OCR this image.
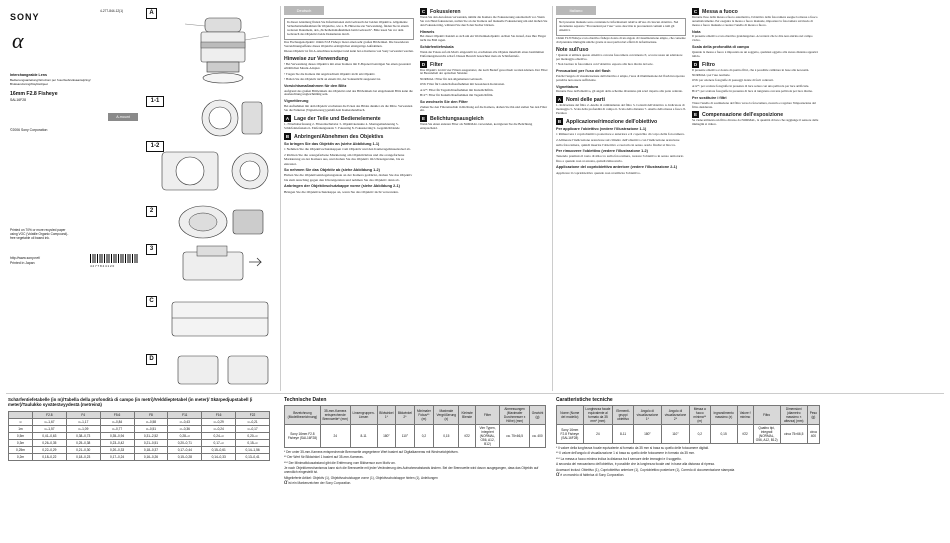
SONY
α
4-277-844-12(1)
Interchangeable Lens
Bedienungsanleitung/Istruzioni per l'uso/Gebruiksaanwijzing/
Bruksanvisning/Käyttöohjeet
16mm F2.8 Fisheye
SAL16F28
A-mount
©2006 Sony Corporation
Printed on 70% or more recycled paper
using VOC (Volatile Organic Compound)-
free vegetable oil based ink.
http://www.sony.net/
Printed in Japan
4 2 7 7 8 4 4 1 2 0
A
1-1
1-2
2
3
C
D
Deutsch

In dieser Anleitung finden Sie Informationen zum Gebrauch der beiden Objektive. Allgemeine Sicherheitsmaßnahmen für Objektive, wie z. B. Hinweise zur Verwendung, finden Sie in einem weiteren Dokument, den „Sicherheitsmaßnahmen beim Gebrauch". Bitte lesen Sie vor dem Gebrauch des Objektivs beide Dokumente durch.

Das Fischaugenobjektiv 16mm F2.8 Fisheye bietet einen sehr großen Bildwinkel. Die besonderen Verzeichnungseffekte dieses Objektivs ermöglichen einzigartige Aufnahmen.

Dieses Objektiv ist für A-Anschluss konzipiert und kann bei α-Kameras von Sony verwendet werden.

Hinweise zur Verwendung

• Bei Verwendung dieses Objektivs mit einer Kamera mit E-Bajonett benötigen Sie einen gesondert erhältlichen Mount-Adapter.

• Tragen Sie die Kamera mit angebrachtem Objektiv nicht am Objektiv.

• Halten Sie das Objektiv nicht an einem Ort, der Sonnenlicht ausgesetzt ist.

Vorsichtsmaßnahmen für den Blitz

Aufgrund des großen Bildwinkels des Objektivs und des Bildwinkels bei eingebautem Blitz kann die Ausleuchtung ungleichmäßig sein.

Vignettierung

Bei Aufnahmen mit dem Objektiv erscheinen die Ecken des Bildes dunkler als die Mitte. Verwenden Sie die Funktion [Vignettierung] gemäß dem Kamerahandbuch.

A Lage der Teile und Bedienelemente

1- Filterhalterfassung 2- Filtereinschubslot 3- Objektivkontakte 4- Montagemarkierung 5- Schärfentiefeskala 6- Entfernungsskala 7- Fokusring 8- Fokussierring 9- Gegenlichtblende

B Anbringen/Abnehmen des Objektivs
So bringen Sie das Objektiv an (siehe Abbildung 1-1)

1 Nehmen Sie die Objektivschutzkappen vom Objektiv und den Kameragehäusedeckel ab.

2 Richten Sie die orangefarbene Markierung am Objektivtubus und die orangefarbene Markierung an der Kamera aus, und drehen Sie das Objektiv im Uhrzeigersinn, bis es einrastet.

So nehmen Sie das Objektiv ab (siehe Abbildung 1-2)

Halten Sie die Objektiventriegelungstaste an der Kamera gedrückt, drehen Sie das Objektiv bis zum Anschlag gegen den Uhrzeigersinn und nehmen Sie das Objektiv dann ab.

Anbringen der Objektivschutzkappe vorne (siehe Abbildung 2-1)

Bringen Sie die Objektivschutzkappe an, wenn Sie das Objektiv nicht verwenden.

C Fokussieren

Wenn Sie den Autofokus verwenden, nimmt die Kamera die Fokussierung automatisch vor. Wenn Sie von Hand fokussieren, stellen Sie an der Kamera auf manuelle Fokussierung um und drehen Sie den Fokussierring, während Sie durch den Sucher blicken.

Hinweis

Bei dieser Objektiv handelt es sich um ein Weitwinkelobjektiv. Achten Sie darauf, dass Ihre Finger nicht ins Bild ragen.

Schärfentiefeskala

Wenn der Fokus auf ein Motiv eingestellt ist, erscheinen alle Objekte innerhalb eines bestimmten Entfernungsbereichs scharf. Diesen Bereich bezeichnet man als Schärfentiefe.

D Filter

Das Objektiv ist mit vier Filtern ausgestattet, die nach Bedarf gewechselt werden können. Der Filter ist Bestandteil der optischen Struktur.

NORMAL: Filter für den allgemeinen Gebrauch.

O56: Filter für Landschaftsaufnahmen mit besonderen Kontrasten.

A12*: Filter für Tageslichtaufnahmen mit Kunstlichtfilm.

B12*: Filter für Kunstlichtaufnahmen mit Tageslichtfilm.

So wechseln Sie den Filter

Ziehen Sie den Filtereinschub in Richtung auf die Kamera, drehen Sie ihn und stellen Sie den Filter ein.

E Belichtungsausgleich

Wenn Sie einen anderen Filter als NORMAL verwenden, korrigieren Sie die Belichtung entsprechend.

Italiano

Nel presente manuale sono contenute le informazioni relative all'uso di ciascun obiettivo. Nel documento separato "Precauzioni per l'uso" sono descritte le precauzioni comuni a tutti gli obiettivi.

16mm F2.8 Fisheye è un obiettivo fisheye dotato di un angolo di visualizzazione ampio, che consente di riprendere immagini uniche grazie ai suoi particolari effetti di deformazione.

Note sull'uso

• Quando si utilizza questo obiettivo con una fotocamera con innesto E, occorre usare un adattatore per montaggio obiettivo.

• Non lasciare la fotocamera con l'obiettivo esposto alla luce diretta del sole.

Precauzioni per l'uso del flash

Poiché l'angolo di visualizzazione dell'obiettivo è ampio, l'area di illuminazione del flash incorporato potrebbe non essere sufficiente.

Vignettatura

Durante l'uso dell'obiettivo, gli angoli dello schermo diventano più scuri rispetto alla parte centrale.

A Nomi delle parti

1- Indicazione del filtro 2- Anello di cambiamento del filtro 3- Contatti dell'obiettivo 4- Indicatore di montaggio 5- Scala della profondità di campo 6- Scala della distanza 7- Anello della messa a fuoco 8- Paraluce

B Applicazione/rimozione dell'obiettivo
Per applicare l'obiettivo (vedere l'illustrazione 1-1)

1 Rimuovere i copriobiettivo posteriore e anteriore e il coperchio di corpo della fotocamera.

2 Allineare l'indicazione arancione sul cilindro dell'obiettivo con l'indicazione arancione sulla fotocamera, quindi inserire l'obiettivo e ruotarlo in senso orario finché si blocca.

Per rimuovere l'obiettivo (vedere l'illustrazione 1-2)

Tenendo premuto il tasto di sblocco sulla fotocamera, ruotare l'obiettivo in senso antiorario fino a quando non si arresta, quindi rimuoverlo.

Applicazione del copriobiettivo anteriore (vedere l'illustrazione 2-1)

Applicare il copriobiettivo quando non si utilizza l'obiettivo.

C Messa a fuoco

Durante l'uso della messa a fuoco automatica, l'obiettivo della fotocamera esegue la messa a fuoco automaticamente. Per eseguire la messa a fuoco manuale, impostare la fotocamera sul modo di messa a fuoco manuale e ruotare l'anello di messa a fuoco.

Nota

Il presente obiettivo è un obiettivo grandangolare. Accertarsi che le dita non entrino nel campo visivo.

Scala della profondità di campo

Quando la messa a fuoco è impostata su un soggetto, qualsiasi oggetto alla stessa distanza apparirà nitido.

D Filtro

Il presente obiettivo è dotato di quattro filtri, che è possibile cambiare in base alle necessità.

NORMAL: per l'uso normale.

O56: per ottenere fotografie di paesaggi dotate di forti contrasti.

A12*: per scattare fotografie in presenza di luce solare con una pellicola per luce artificiale.

B12*: per scattare fotografie in presenza di luce al tungsteno con una pellicola per luce diurna.

Per sostituire i filtri

Tirare l'anello di sostituzione del filtro verso la fotocamera, ruotarlo e regolare l'impostazione del filtro desiderata.

E Compensazione dell'esposizione

Se viene utilizzato un filtro diverso da NORMAL, la quantità di luce che raggiunge il sensore delle immagini si riduce.

Schärfentiefetabelle (in m)/Tabella della profondità di campo (in metri)/Velddieptetabel (in meter)/ Skärpedjupstabell (i meter)/Taulukko syväterävyydestä (metreinä)
	F2.8	F4	F5.6	F8	F11	F16	F22
∞	∞–1,67	∞–1,17	∞–0,84	∞–0,58	∞–0,43	∞–0,29	∞–0,21
1m	∞–1,57	∞–1,09	∞–0,77	∞–0,51	∞–0,36	∞–0,24	∞–0,17
0,5m	0,41–0,63	0,38–0,73	0,35–0,94	0,31–2,52	0,28–∞	0,24–∞	0,20–∞
0,3m	0,26–0,35	0,25–0,38	0,23–0,42	0,21–0,51	0,20–0,71	0,17–∞	0,15–∞
0,25m	0,22–0,29	0,21–0,30	0,20–0,33	0,18–0,37	0,17–0,44	0,15–0,61	0,14–1,56
0,2m	0,18–0,22	0,18–0,23	0,17–0,24	0,16–0,26	0,15–0,28	0,14–0,33	0,13–0,41
Technische Daten
Bezeichnung (Modellbezeichnung)	35-mm-Kamera entsprechende Brennweite* (mm)	Linsengruppen-Linsen	Bildwinkel 1*	Bildwinkel 2*	Minimaler Fokus** (m)	Maximale Vergrößerung (x)	Kleinste Blende	Filter	Abmessungen (Maximaler Durchmesser x Höhe) (mm)	Gewicht (g)
Sony 16mm F2.8 Fisheye (SAL16F28)	24	8-11	180°	110°	0,2	0,15	f/22	Vier Typen, integriert (NORMAL, O56, A12, B12)	ca. 75×66,5	ca. 400

* Der unter 35-mm-Kamera entsprechende Brennweite angegebene Wert basiert auf Digitalkameras mit Wechselobjektiven.

** Der Wert für Bildwinkel 1 basiert auf 35-mm-Kameras.

*** Der Minimalfokusabstand gibt die Entfernung vom Bildsensor zum Motiv an.

Je nach Objektivmechanismus kann sich die Brennweite mit jeder Veränderung des Aufnahmeabstands ändern. Bei der Brennweite wird davon ausgegangen, dass das Objektiv auf unendlich eingestellt ist.

Mitgelieferte Artikel: Objektiv (1), Objektivschutzkappe vorne (1), Objektivschutzkappe hinten (1), Anleitungen

α ist ein Markenzeichen der Sony Corporation.

Caratteristiche tecniche
Nome (Nome del modello)	Lunghezza focale equivalente al formato da 35 mm* (mm)	Elementi-gruppi obiettivo	Angolo di visualizzazione 1*	Angolo di visualizzazione 2*	Messa a fuoco minima** (m)	Ingrandimento massimo (x)	Valore f minimo	Filtro	Dimensioni (diametro massimo × altezza) (mm)	Peso (g)
Sony 16mm F2.8 Fisheye (SAL16F28)	24	8-11	180°	110°	0,2	0,15	f/22	Quattro tipi, integrati (NORMAL, O56, A12, B12)	circa 75×66,5	circa 400

* Il valore della lunghezza focale equivalente al formato da 35 mm si basa su quello delle fotocamere digitali.

** Il valore dell'angolo di visualizzazione 1 si basa su quello delle fotocamere in formato da 35 mm.

*** La messa a fuoco minima indica la distanza tra il sensore delle immagini e il soggetto.

A seconda del meccanismo dell'obiettivo, è possibile che la lunghezza focale vari in base alla distanza di ripresa.

Accessori inclusi: Obiettivo (1), Copriobiettivo anteriore (1), Copriobiettivo posteriore (1), Corredo di documentazione stampata

α è un marchio di fabbrica di Sony Corporation.
